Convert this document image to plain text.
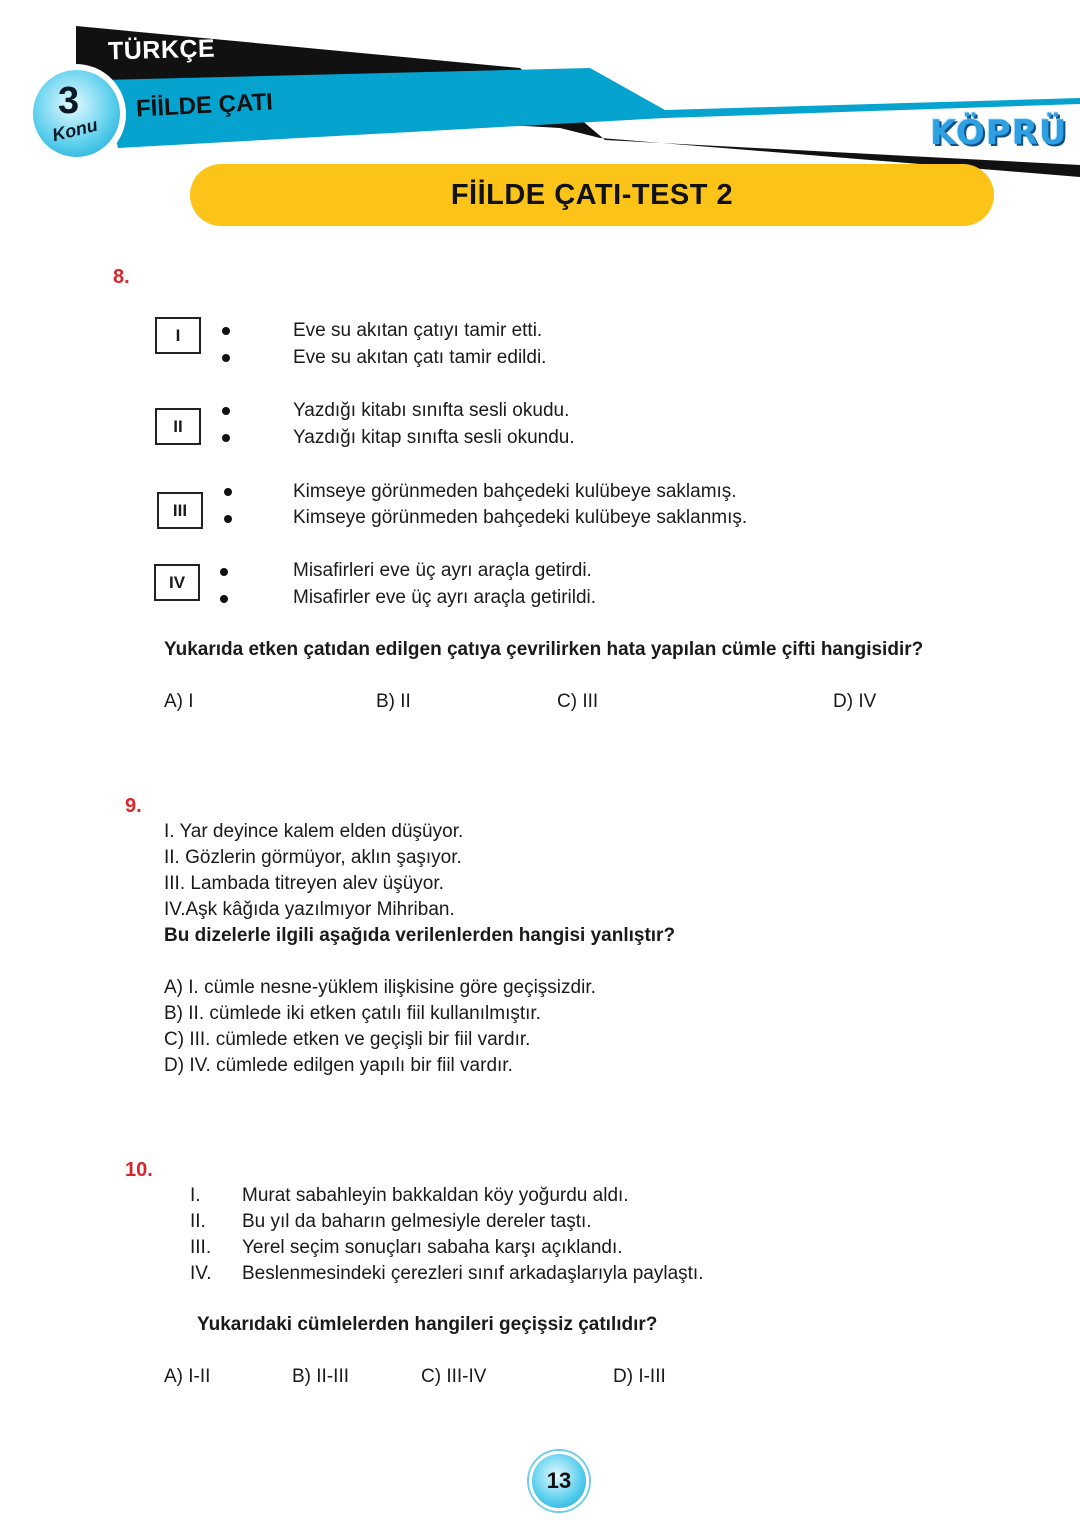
TÜRKÇE
FİİLDE ÇATI
3
Konu	KÖPRÜ
FİİLDE ÇATI-TEST 2
8.
I	Eve su akıtan çatıyı tamir etti.
Eve su akıtan çatı tamir edildi.
II
Yazdığı kitabı sınıfta sesli okudu.
Yazdığı kitap sınıfta sesli okundu.
III
Kimseye görünmeden bahçedeki kulübeye saklamış.
Kimseye görünmeden bahçedeki kulübeye saklanmış.
IV
Misafirleri eve üç ayrı araçla getirdi.
Misafirler eve üç ayrı araçla getirildi.
Yukarıda etken çatıdan edilgen çatıya çevrilirken hata yapılan cümle çifti hangisidir?
A) I	B) II	C) III	D) IV
9.
I. Yar deyince kalem elden düşüyor.
II. Gözlerin görmüyor, aklın şaşıyor.
III. Lambada titreyen alev üşüyor.
IV.Aşk kâğıda yazılmıyor Mihriban.
Bu dizelerle ilgili aşağıda verilenlerden hangisi yanlıştır?
A) I. cümle nesne-yüklem ilişkisine göre geçişsizdir.
B) II. cümlede iki etken çatılı fiil kullanılmıştır.
C) III. cümlede etken ve geçişli bir fiil vardır.
D) IV. cümlede edilgen yapılı bir fiil vardır.
10.
I. Murat sabahleyin bakkaldan köy yoğurdu aldı.
II. Bu yıl da baharın gelmesiyle dereler taştı.
III. Yerel seçim sonuçları sabaha karşı açıklandı.
IV. Beslenmesindeki çerezleri sınıf arkadaşlarıyla paylaştı.
Yukarıdaki cümlelerden hangileri geçişsiz çatılıdır?
A) I-II	B) II-III	C) III-IV	D) I-III
13
